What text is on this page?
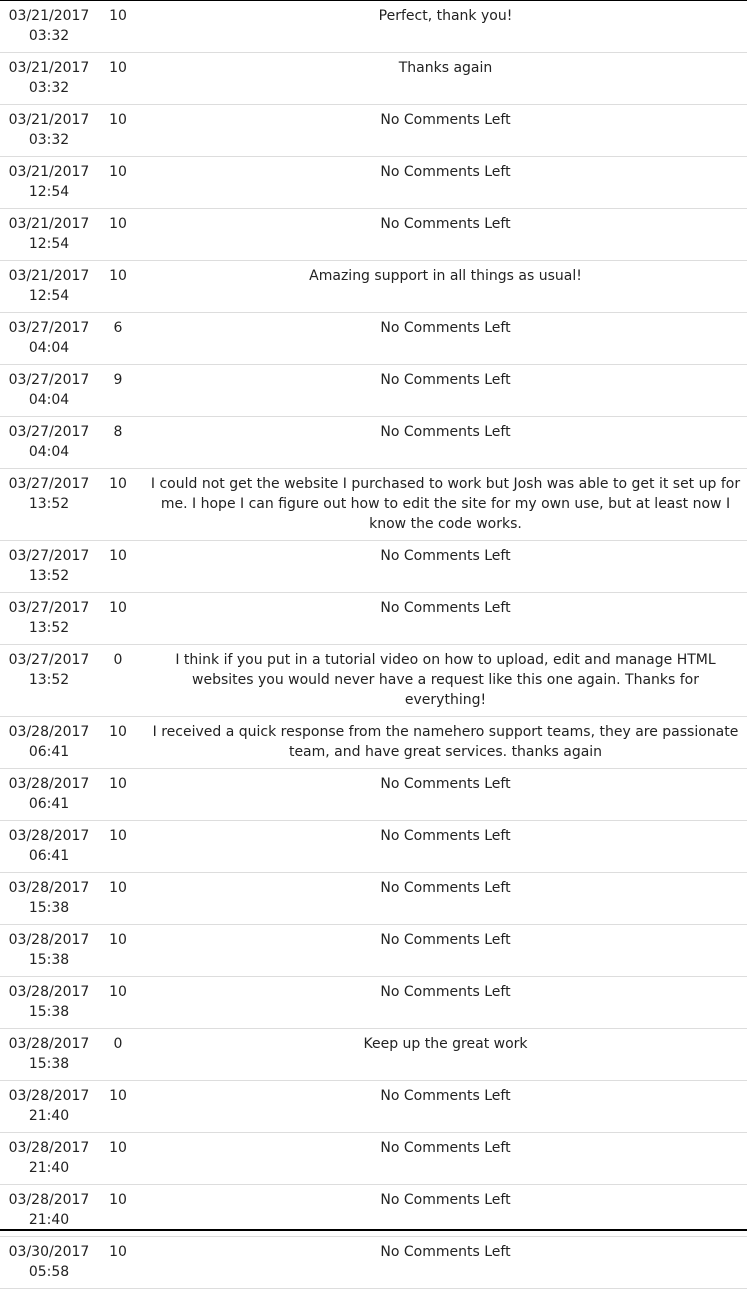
03/21/2017
03:32	10	Perfect, thank you!

03/21/2017
03:32	10	Thanks again

03/21/2017
03:32	10	No Comments Left

03/21/2017
12:54	10	No Comments Left

03/21/2017
12:54	10	No Comments Left

03/21/2017
12:54	10	Amazing support in all things as usual!

03/27/2017
04:04	6	No Comments Left

03/27/2017
04:04	9	No Comments Left

03/27/2017
04:04	8	No Comments Left

03/27/2017
13:52	10	I could not get the website I purchased to work but Josh was able to get it set up for me. I hope I can figure out how to edit the site for my own use, but at least now I know the code works.

03/27/2017
13:52	10	No Comments Left

03/27/2017
13:52	10	No Comments Left

03/27/2017
13:52	0	I think if you put in a tutorial video on how to upload, edit and manage HTML websites you would never have a request like this one again. Thanks for everything!

03/28/2017
06:41	10	I received a quick response from the namehero support teams, they are passionate team, and have great services. thanks again

03/28/2017
06:41	10	No Comments Left

03/28/2017
06:41	10	No Comments Left

03/28/2017
15:38	10	No Comments Left

03/28/2017
15:38	10	No Comments Left

03/28/2017
15:38	10	No Comments Left

03/28/2017
15:38	0	Keep up the great work

03/28/2017
21:40	10	No Comments Left

03/28/2017
21:40	10	No Comments Left

03/28/2017
21:40	10	No Comments Left

03/30/2017
05:58	10	No Comments Left
